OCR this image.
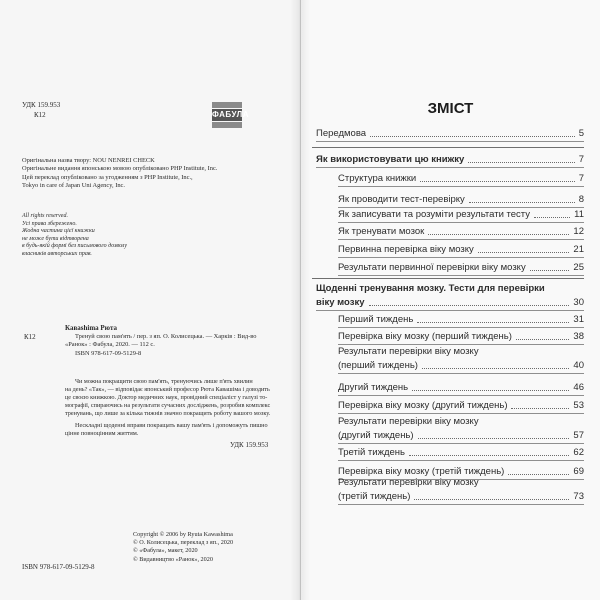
УДК 159.953
К12	ФАБУЛА
Оригінальна назва твору: NOU NENREI CHECK
Оригінальне видання японською мовою опубліковано PHP Institute, Inc.
Цей переклад опубліковано за угодженням з PHP Institute, Inc.,
Tokyo in care of Japan Uni Agency, Inc.
All rights reserved.
Усі права збережено.
Жодна частина цієї книжки
не може бути відтворена
в будь-якій формі без письмового дозволу
власників авторських прав.
Каваshima Рюта
К12	Тренуй свою пам'ять / пер. з яп. О. Колисецька. — Харків : Вид-во
«Ранок» : Фабула, 2020. — 112 с.
ISBN 978-617-09-5129-8
Чи можна покращити свою пам'ять, тренуючись лише п'ять хвилин
на день? «Так», — відповідає японський професор Рюта Кавашіма і доводить
це своєю книжкою. Доктор медичних наук, провідний спеціаліст у галузі то-
мографії, спираючись на результати сучасних досліджень, розробив комплекс
тренувань, що лише за кілька тижнів значно покращить роботу вашого мозку.
Нескладні щоденні вправи покращать вашу пам'ять і допоможуть пишно
цінне повноцінним життям.
УДК 159.953
Copyright © 2006 by Ryuta Kawashima
© О. Колисецька, переклад з яп., 2020
© «Фабула», макет, 2020
© Видавництво «Ранок», 2020
ISBN 978-617-09-5129-8
ЗМІСТ
Передмова	5
Як використовувати цю книжку	7
Структура книжки	7
Як проводити тест-перевірку	8
Як записувати та розуміти результати тесту	11
Як тренувати мозок	12
Первинна перевірка віку мозку	21
Результати первинної перевірки віку мозку	25
Щоденні тренування мозку. Тести для перевірки
віку мозку	30
Перший тиждень	31
Перевірка віку мозку (перший тиждень)	38
Результати перевірки віку мозку
(перший тиждень)	40
Другий тиждень	46
Перевірка віку мозку (другий тиждень)	53
Результати перевірки віку мозку
(другий тиждень)	57
Третій тиждень	62
Перевірка віку мозку (третій тиждень)	69
Результати перевірки віку мозку
(третій тиждень)	73
